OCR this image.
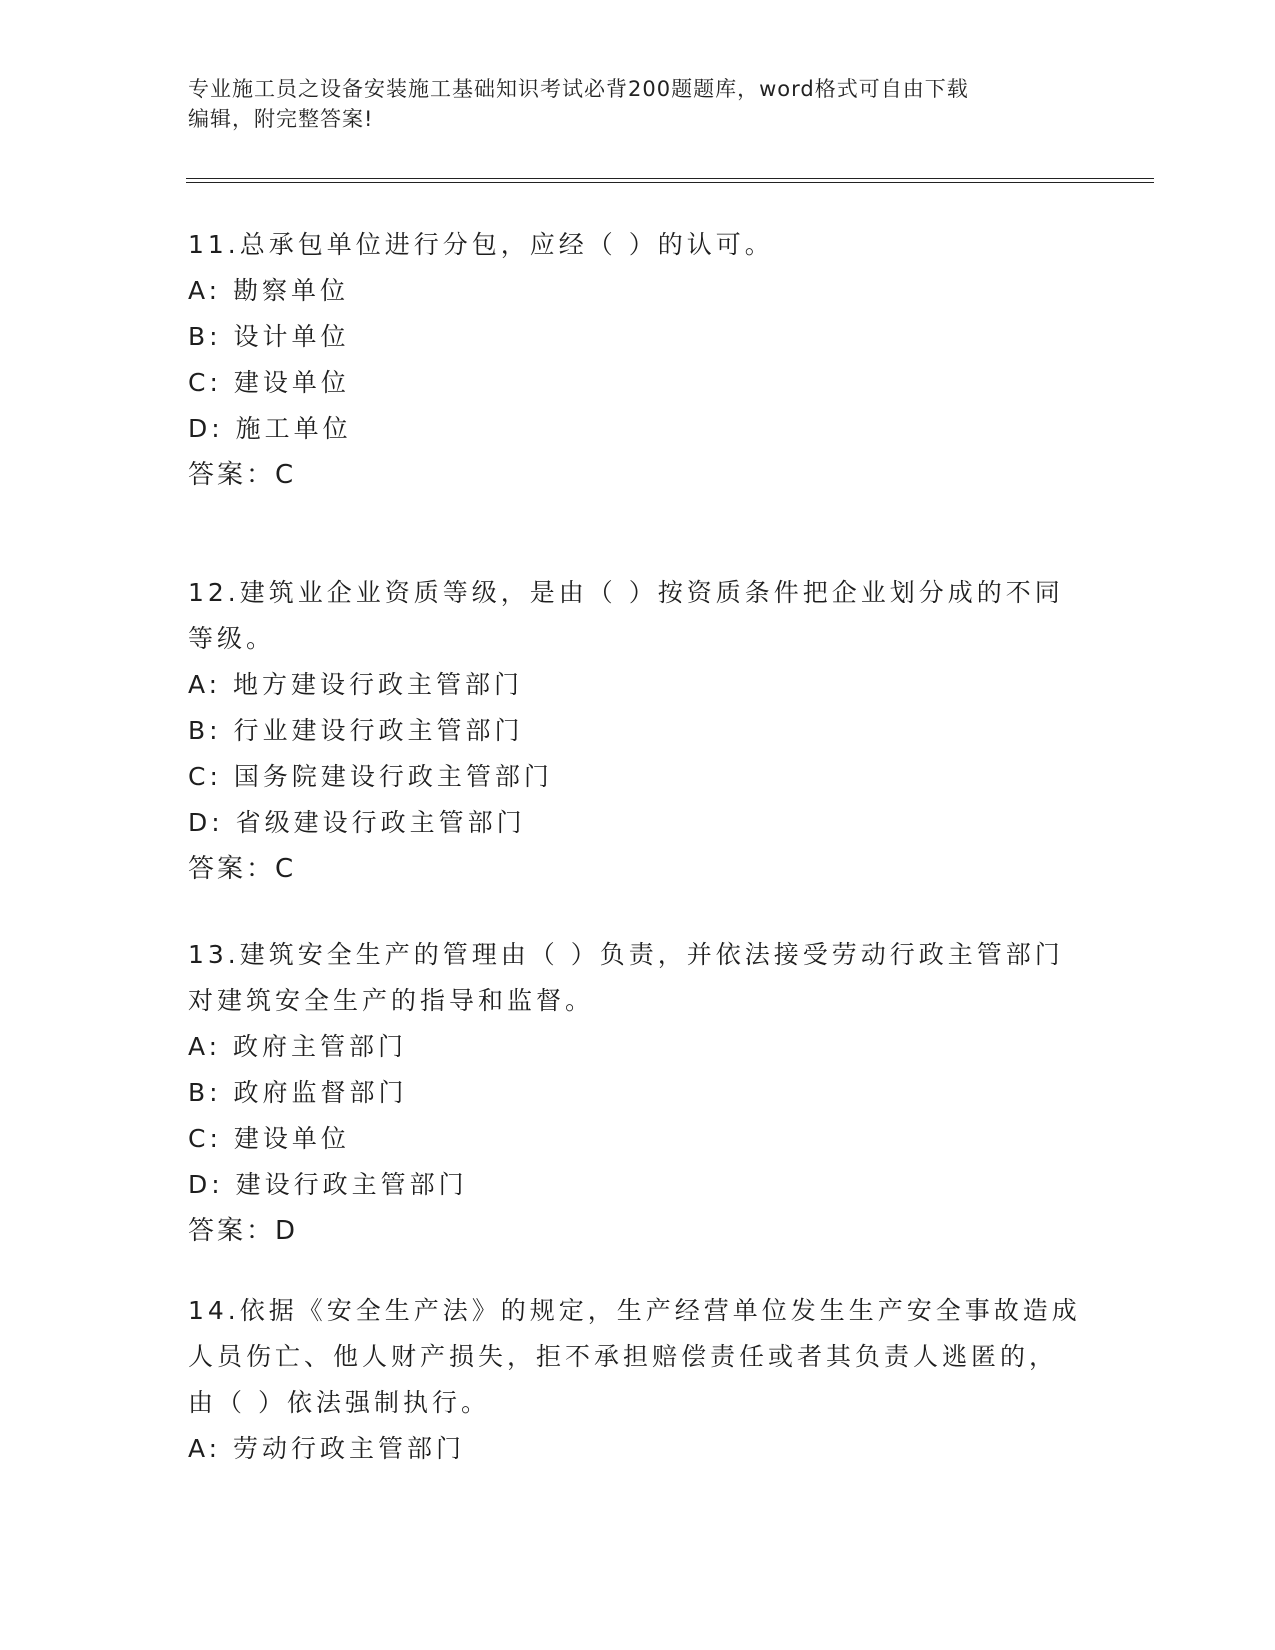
专业施工员之设备安装施工基础知识考试必背200题题库，word格式可自由下载
编辑，附完整答案!
11.总承包单位进行分包，应经（ ）的认可。
A: 勘察单位
B: 设计单位
C: 建设单位
D: 施工单位
答案：C
12.建筑业企业资质等级，是由（ ）按资质条件把企业划分成的不同
等级。
A: 地方建设行政主管部门
B: 行业建设行政主管部门
C: 国务院建设行政主管部门
D: 省级建设行政主管部门
答案：C
13.建筑安全生产的管理由（ ）负责，并依法接受劳动行政主管部门
对建筑安全生产的指导和监督。
A: 政府主管部门
B: 政府监督部门
C: 建设单位
D: 建设行政主管部门
答案：D
14.依据《安全生产法》的规定，生产经营单位发生生产安全事故造成
人员伤亡、他人财产损失，拒不承担赔偿责任或者其负责人逃匿的，
由（ ）依法强制执行。
A: 劳动行政主管部门
